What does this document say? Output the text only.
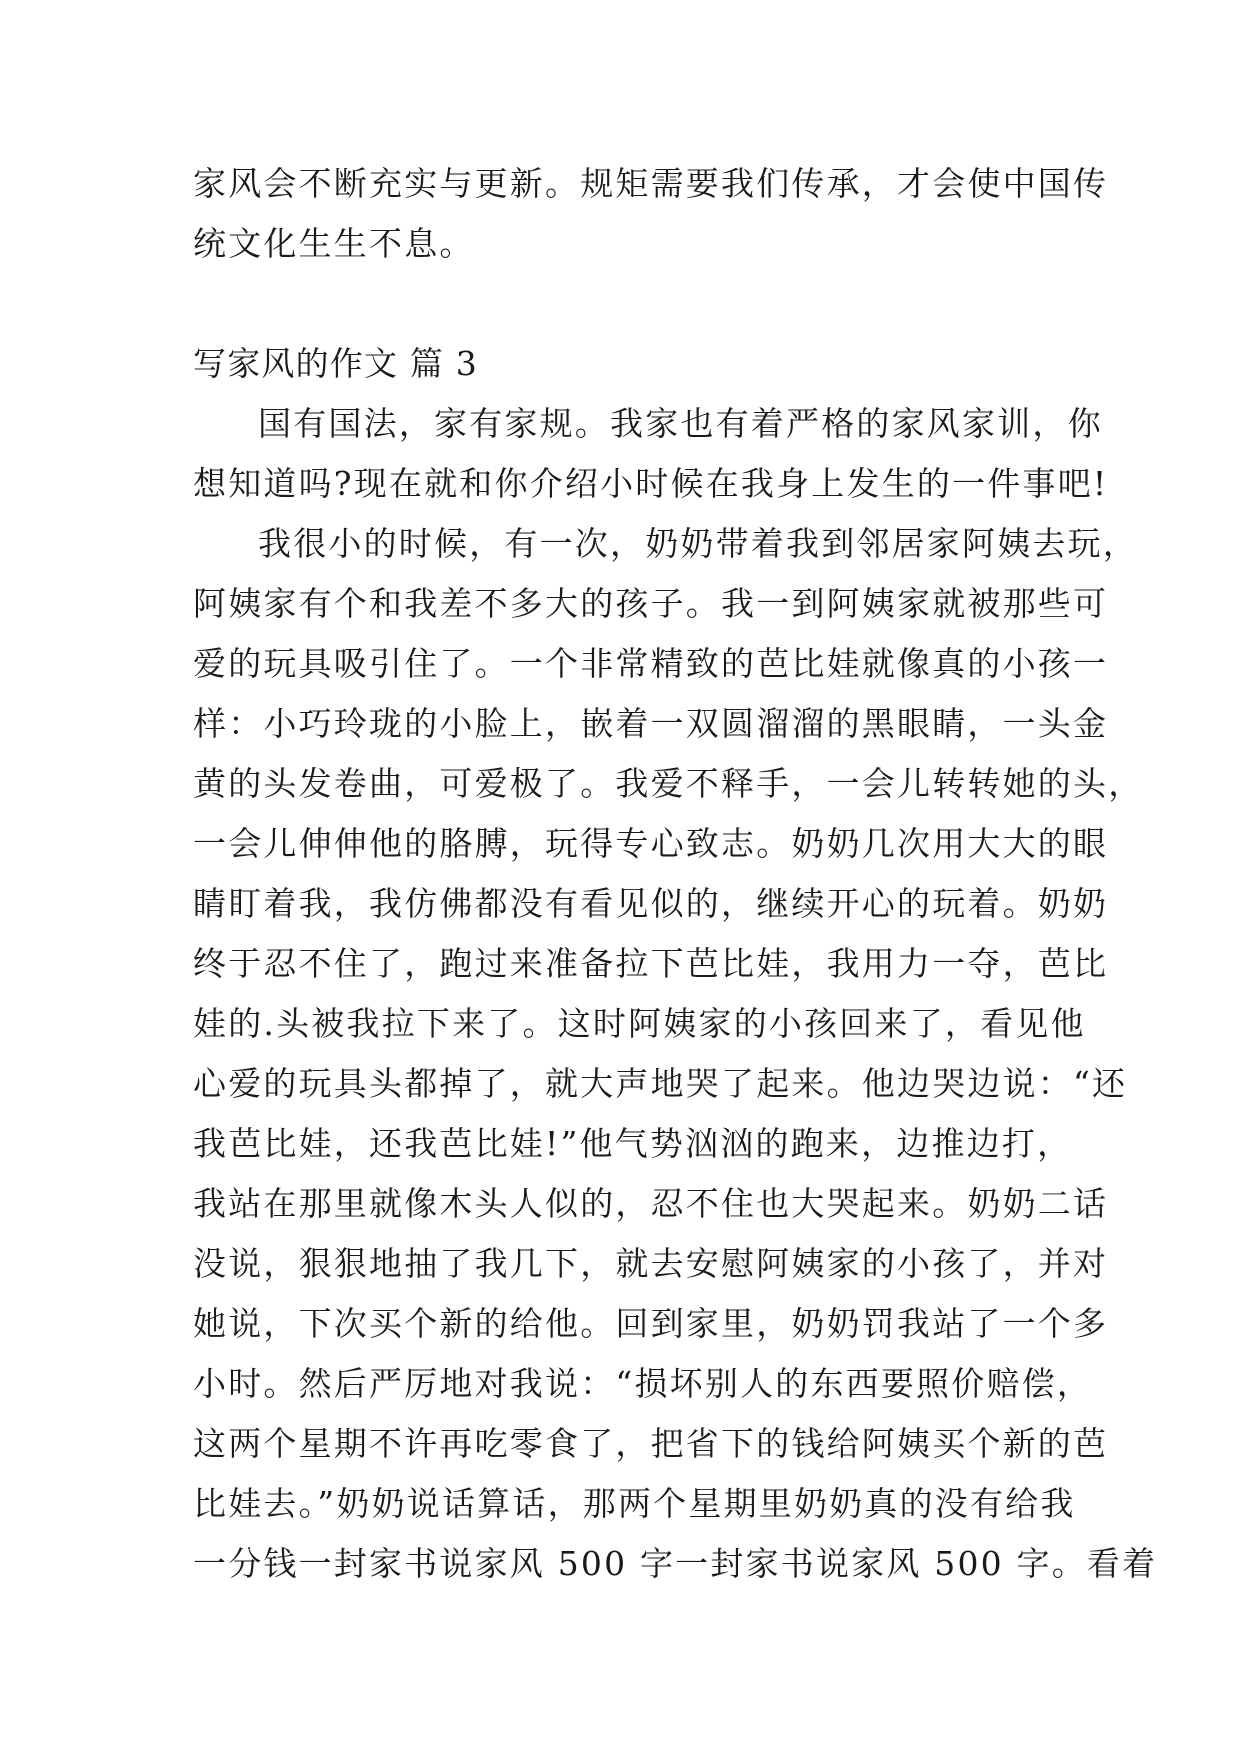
家风会不断充实与更新。规矩需要我们传承，才会使中国传
统文化生生不息。
写家风的作文 篇 3
国有国法，家有家规。我家也有着严格的家风家训，你
想知道吗?现在就和你介绍小时候在我身上发生的一件事吧!
我很小的时候，有一次，奶奶带着我到邻居家阿姨去玩，
阿姨家有个和我差不多大的孩子。我一到阿姨家就被那些可
爱的玩具吸引住了。一个非常精致的芭比娃就像真的小孩一
样：小巧玲珑的小脸上，嵌着一双圆溜溜的黑眼睛，一头金
黄的头发卷曲，可爱极了。我爱不释手，一会儿转转她的头，
一会儿伸伸他的胳膊，玩得专心致志。奶奶几次用大大的眼
睛盯着我，我仿佛都没有看见似的，继续开心的玩着。奶奶
终于忍不住了，跑过来准备拉下芭比娃，我用力一夺，芭比
娃的.头被我拉下来了。这时阿姨家的小孩回来了，看见他
心爱的玩具头都掉了，就大声地哭了起来。他边哭边说：“还
我芭比娃，还我芭比娃!”他气势汹汹的跑来，边推边打，
我站在那里就像木头人似的，忍不住也大哭起来。奶奶二话
没说，狠狠地抽了我几下，就去安慰阿姨家的小孩了，并对
她说，下次买个新的给他。回到家里，奶奶罚我站了一个多
小时。然后严厉地对我说：“损坏别人的东西要照价赔偿，
这两个星期不许再吃零食了，把省下的钱给阿姨买个新的芭
比娃去。”奶奶说话算话，那两个星期里奶奶真的没有给我
一分钱一封家书说家风 500 字一封家书说家风 500 字。看着
